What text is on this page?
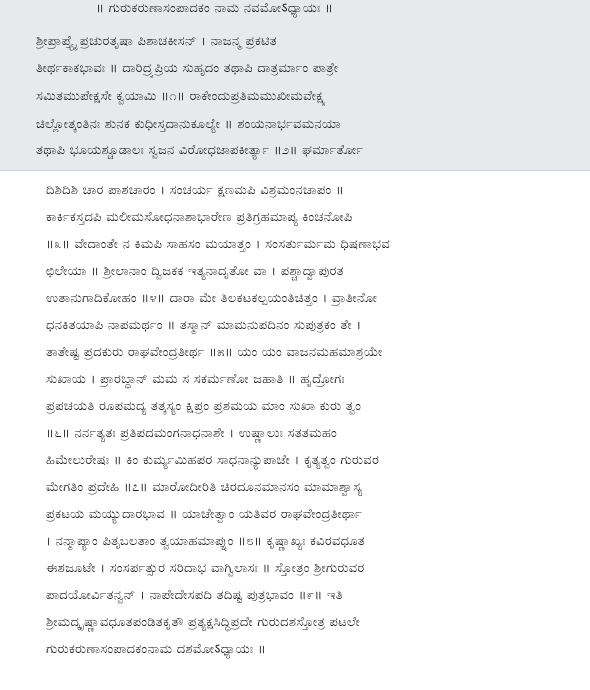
॥ ಗುರುಕರುಣಾಸಂಪಾದಕಂ ನಾಮ ನವಮೋऽಧ್ಯಾಯಃ ॥
ಶ್ರೀಪ್ರಾಪ್ತ್ಯೈ ಪ್ರಚುರತೃಷಾ ಪಿಶಾಚಕೀಸನ್ । ನಾಜನ್ಮ ಪ್ರಕಟಿತ
ತೀರ್ಥಕಾಕಭಾವಃ ॥ ದಾರಿದ್ರ್ಯಪ್ರಿಯ ಸುಹೃದಂ ತಥಾಪಿ ದಾತ್ರರ್ಮಾಂ ಪಾತ್ರೇ
ಸಮಿತಮುಪೇಕ್ಷಸೇ ಕ್ವಯಾಮಿ ॥೧॥ ರಾಕೇಂದುಪ್ರತಿಮಮುಖೀಮವೇಕ್ಷ್ಯ
ಚಿಲ್ಲೋತ್ಕಂತಿನಃ ಶುನಕ ಕುಧೀಸ್ತದಾನುಕೂಲ್ಯೇ ॥ ಶಂಯನಾರ್ಭವಮನಯಾ
ತಥಾಪಿ ಭೂಯಶ್ಚೂಡಾಲಃ ಸ್ವಜನ ವಿರೋಧಜಾಪಕೀರ್ತ್ಯಾ ॥೨॥ ಘರ್ಮಾರ್ತೋ
ದಿಶಿದಿಶಿ ಚಾರ ಪಾಶಚಾರಂ । ಸಂಚರ್ಯ ಕ್ಷಣಮಪಿ ವಿಶ್ರಮಂನಚಾಪಂ ॥
ಕಾರ್ಕಿಕಸ್ತದಪಿ ಮಲೀಮಸೋಧನಾಶಾಭಾರೇಣ ಪ್ರತಿಗ್ರಹಮಾಪ್ಯ ಕಿಂಚನೋಪಿ
॥೩॥ ವೇದಾಂತೇ ನ ಕಿಮಪಿ ಸಾಹಸಂ ಮಯಾತ್ತಂ । ಸಂಸರ್ತುರ್ಮಮ ಧಿಷಣಾಭವ
ಛಿಲೇಯಾ ॥ ಶ್ರೀಲಾನಾಂ ದ್ವಿಜಕಕ ಇತ್ಯನಾದೃತೋ ವಾ । ಪಶ್ಚಾದ್ವಾಪುರತ
ಉತಾನುಗಾದಿಕೋಹಂ ॥೪॥ ದಾರಾ ಮೇ ತಿಲಕಟಕಲ್ಪಯಂತಿಚಿತ್ತಂ । ವ್ರಾತೀನೋ
ಧನಕಿತಯಾಪಿ ನಾಪಮರ್ಥಂ ॥ ತಸ್ಮಾನ್ ಮಾಮನುಪದಿನಂ ಸುಪುತ್ರಕಂ ತೇ ।
ತಾತೇಷ್ಟ ಪ್ರದಕುರು ರಾಘವೇಂದ್ರತೀರ್ಥ ॥೫॥ ಯಂ ಯಂ ವಾಜನಮಹಮಾಶ್ರಯೇ
ಸುಖಾಯ । ಪ್ರಾರಬ್ಧಾನ್ ಮಮ ಸ ಸಕರ್ಮಣೋ ಜಹಾತಿ ॥ ಹೃದ್ರೋಗಃ
ಪ್ರಪಚಯತಿ ರೂಪಮದ್ಯ ತತ್ಕಸ್ಯಂ ಕ್ಷಿಪ್ರಂ ಪ್ರಶಮಯ ಮಾಂ ಸುಖಾ ಕುರು ತ್ವಂ
॥೬॥ ನರ್ನತ್ಯತಃ ಪ್ರತಿಪದಮಂಗನಾಧನಾಶೇ । ಉಷ್ಣಾಲುಃ ಸತತಮಹಂ
ಹಿಮೇಲುರೇಷಃ ॥ ಕಿಂ ಕುರ್ಮ್ಯಮಿಹಪರ ಸಾಧನಾನ್ಯುಪಾಜೇ । ಕೃತ್ಯತ್ವಂ ಗುರುವರ
ಮೇಗತಿಂ ಪ್ರದೇಹಿ ॥೭॥ ಮಾರೋದೀರಿತಿ ಚಿರದೂನಮಾನಸಂ ಮಾಮಾಶ್ವಾಸ್ಯ
ಪ್ರಕಟಯ ಮಯ್ಯುದಾರಭಾವ ॥ ಯಾಚೇತ್ವಾಂ ಯತಿವರ ರಾಘವೇಂದ್ರತೀರ್ಥಾ
। ನನ್ಮಾಪ್ಯಾಂ ಪಿತೃಬಲತಾಂ ತ್ವಯಾಹಮಾಪ್ನುಂ ॥೮॥ ಕೃಷ್ಣಾಖ್ಯಃ ಕವಿರವಧೂತ
ಈಶಜೂಟೇ । ಸಂಸರ್ಪತ್ಸುರ ಸರಿದಾಭ ವಾಗ್ವಿಲಾಸಃ ॥ ಸ್ತೋತ್ರಂ ಶ್ರೀಗುರುವರ
ಪಾದಯೋರ್ವಿತನ್ವನ್ । ನಾಪೇದೇಸಪದಿ ತದಿಷ್ಟ ಪುತ್ರಭಾವಂ ॥೯॥ ಇತಿ
ಶ್ರೀಮದ್ಕೃಷ್ಣಾವಧೂತಪಂಡಿತಕೃತೌ ಪ್ರತ್ಯಕ್ಷಸಿದ್ಧಿಪ್ರದೇ ಗುರುದಶಸ್ತೋತ್ರ ಪಟಲೇ
ಗುರುಕರುಣಾಸಂಪಾದಕಂನಾಮ ದಶಮೋऽಧ್ಯಾಯಃ ॥
